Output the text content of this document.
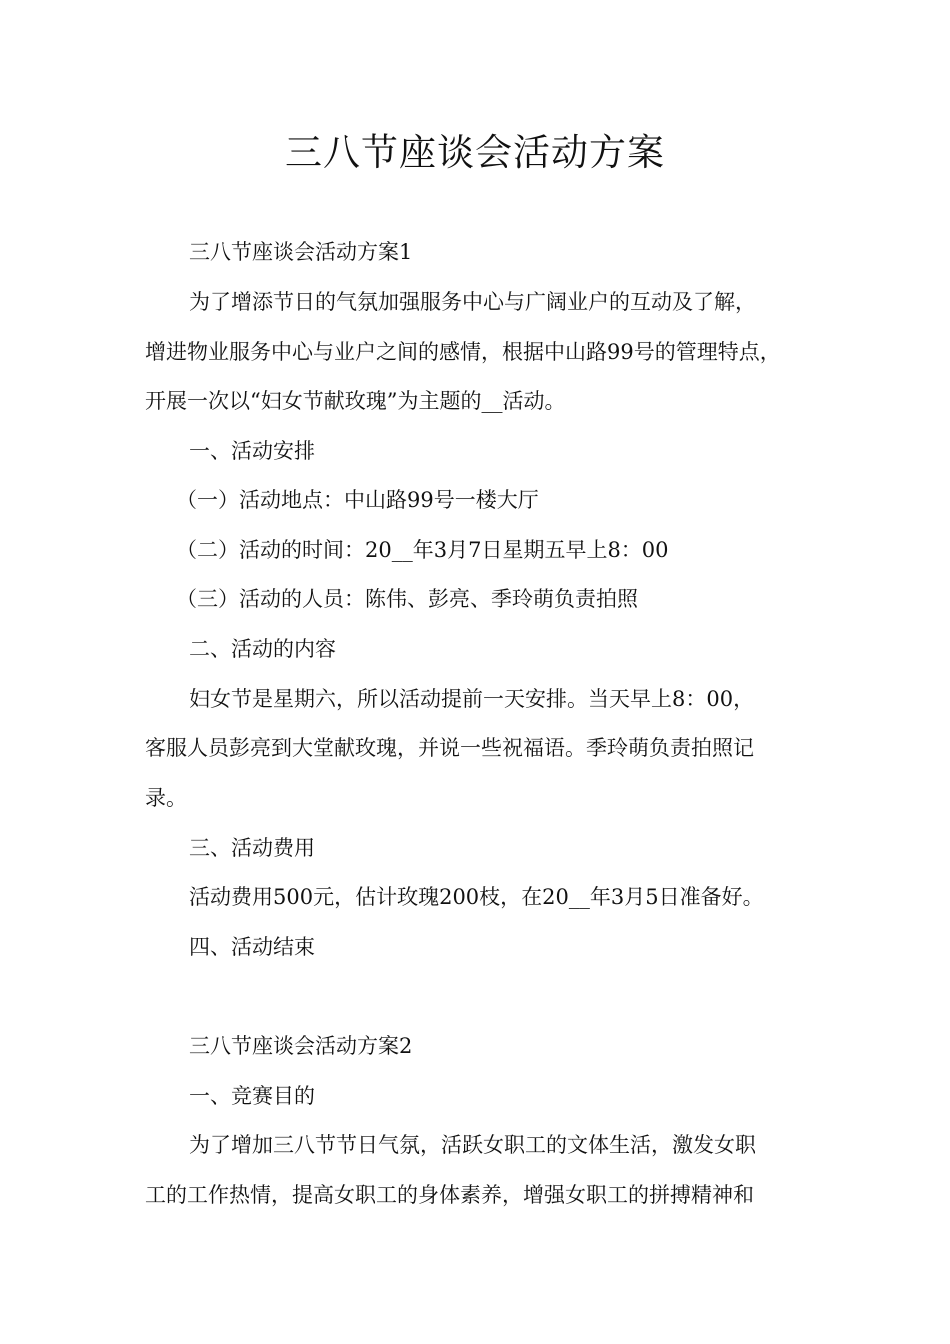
三八节座谈会活动方案

三八节座谈会活动方案1

为了增添节日的气氛加强服务中心与广阔业户的互动及了解，

增进物业服务中心与业户之间的感情，根据中山路99号的管理特点，

开展一次以“妇女节献玫瑰”为主题的__活动。

一、活动安排

（一）活动地点：中山路99号一楼大厅

（二）活动的时间：20__年3月7日星期五早上8：00

（三）活动的人员：陈伟、彭亮、季玲萌负责拍照

二、活动的内容

妇女节是星期六，所以活动提前一天安排。当天早上8：00，

客服人员彭亮到大堂献玫瑰，并说一些祝福语。季玲萌负责拍照记

录。

三、活动费用

活动费用500元，估计玫瑰200枝，在20__年3月5日准备好。

四、活动结束

三八节座谈会活动方案2

一、竞赛目的

为了增加三八节节日气氛，活跃女职工的文体生活，激发女职

工的工作热情，提高女职工的身体素养，增强女职工的拼搏精神和
